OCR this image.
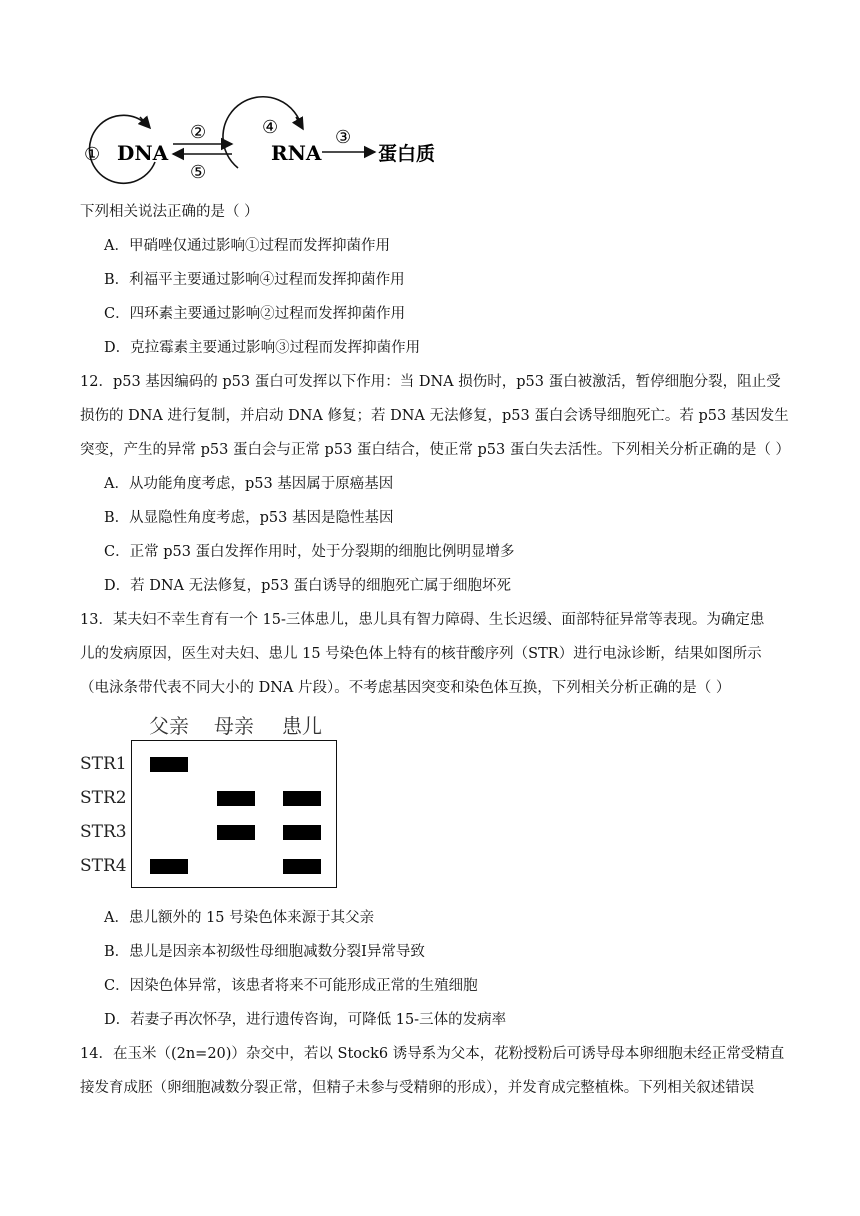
① DNA
②
⑤
④
RNA
③
蛋白质
下列相关说法正确的是（ ）
A．甲硝唑仅通过影响①过程而发挥抑菌作用
B．利福平主要通过影响④过程而发挥抑菌作用
C．四环素主要通过影响②过程而发挥抑菌作用
D．克拉霉素主要通过影响③过程而发挥抑菌作用
12．p53 基因编码的 p53 蛋白可发挥以下作用：当 DNA 损伤时，p53 蛋白被激活，暂停细胞分裂，阻止受
损伤的 DNA 进行复制，并启动 DNA 修复；若 DNA 无法修复，p53 蛋白会诱导细胞死亡。若 p53 基因发生
突变，产生的异常 p53 蛋白会与正常 p53 蛋白结合，使正常 p53 蛋白失去活性。下列相关分析正确的是（ ）
A．从功能角度考虑，p53 基因属于原癌基因
B．从显隐性角度考虑，p53 基因是隐性基因
C．正常 p53 蛋白发挥作用时，处于分裂期的细胞比例明显增多
D．若 DNA 无法修复，p53 蛋白诱导的细胞死亡属于细胞坏死
13．某夫妇不幸生育有一个 15-三体患儿，患儿具有智力障碍、生长迟缓、面部特征异常等表现。为确定患
儿的发病原因，医生对夫妇、患儿 15 号染色体上特有的核苷酸序列（STR）进行电泳诊断，结果如图所示
（电泳条带代表不同大小的 DNA 片段）。不考虑基因突变和染色体互换，下列相关分析正确的是（ ）
父亲 母亲 患儿
STR1
STR2
STR3
STR4
A．患儿额外的 15 号染色体来源于其父亲
B．患儿是因亲本初级性母细胞减数分裂Ⅰ异常导致
C．因染色体异常，该患者将来不可能形成正常的生殖细胞
D．若妻子再次怀孕，进行遗传咨询，可降低 15-三体的发病率
14．在玉米（(2n=20)）杂交中，若以 Stock6 诱导系为父本，花粉授粉后可诱导母本卵细胞未经正常受精直
接发育成胚（卵细胞减数分裂正常，但精子未参与受精卵的形成），并发育成完整植株。下列相关叙述错误
